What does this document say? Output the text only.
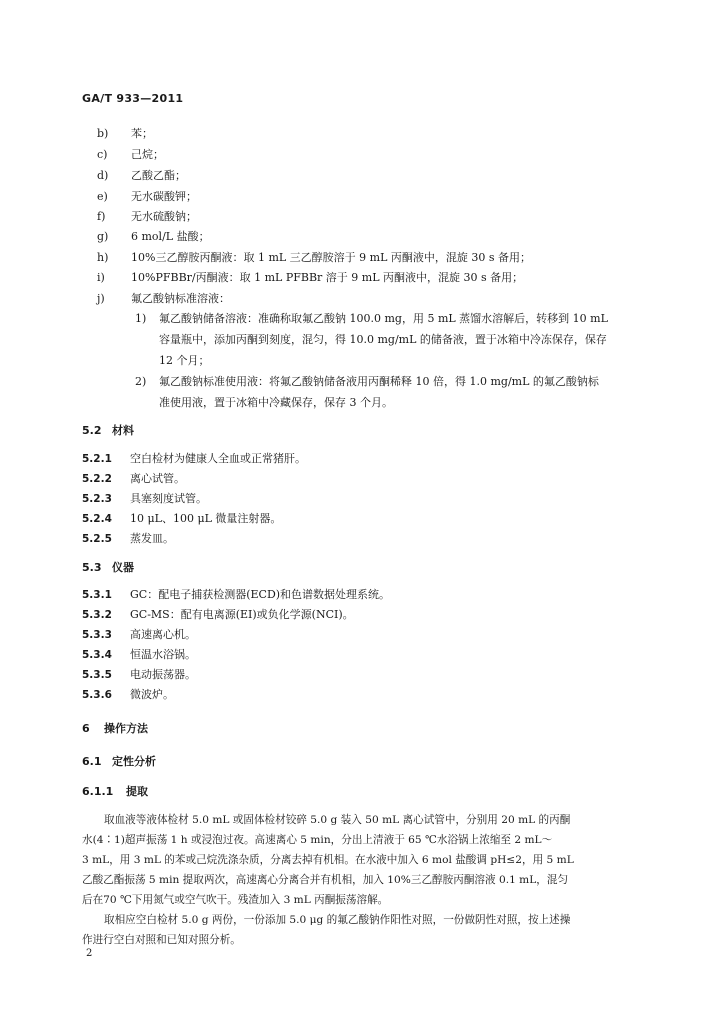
GA/T 933—2011
b) 苯；
c) 己烷；
d) 乙酸乙酯；
e) 无水碳酸钾；
f) 无水硫酸钠；
g) 6 mol/L 盐酸；
h) 10%三乙醇胺丙酮液：取 1 mL 三乙醇胺溶于 9 mL 丙酮液中，混旋 30 s 备用；
i) 10%PFBBr/丙酮液：取 1 mL PFBBr 溶于 9 mL 丙酮液中，混旋 30 s 备用；
j) 氟乙酸钠标准溶液：
1) 氟乙酸钠储备溶液：准确称取氟乙酸钠 100.0 mg，用 5 mL 蒸馏水溶解后，转移到 10 mL
容量瓶中，添加丙酮到刻度，混匀，得 10.0 mg/mL 的储备液，置于冰箱中冷冻保存，保存
12 个月；
2) 氟乙酸钠标准使用液：将氟乙酸钠储备液用丙酮稀释 10 倍，得 1.0 mg/mL 的氟乙酸钠标
准使用液，置于冰箱中冷藏保存，保存 3 个月。
5.2 材料
5.2.1 空白检材为健康人全血或正常猪肝。
5.2.2 离心试管。
5.2.3 具塞刻度试管。
5.2.4 10 μL、100 μL 微量注射器。
5.2.5 蒸发皿。
5.3 仪器
5.3.1 GC：配电子捕获检测器(ECD)和色谱数据处理系统。
5.3.2 GC-MS：配有电离源(EI)或负化学源(NCI)。
5.3.3 高速离心机。
5.3.4 恒温水浴锅。
5.3.5 电动振荡器。
5.3.6 微波炉。
6 操作方法
6.1 定性分析
6.1.1 提取
取血液等液体检材 5.0 mL 或固体检材铰碎 5.0 g 装入 50 mL 离心试管中，分别用 20 mL 的丙酮
水(4∶1)超声振荡 1 h 或浸泡过夜。高速离心 5 min，分出上清液于 65 ℃水浴锅上浓缩至 2 mL～
3 mL，用 3 mL 的苯或己烷洗涤杂质，分离去掉有机相。在水液中加入 6 mol 盐酸调 pH≤2，用 5 mL
乙酸乙酯振荡 5 min 提取两次，高速离心分离合并有机相，加入 10%三乙醇胺丙酮溶液 0.1 mL，混匀
后在70 ℃下用氮气或空气吹干。残渣加入 3 mL 丙酮振荡溶解。
取相应空白检材 5.0 g 两份，一份添加 5.0 μg 的氟乙酸钠作阳性对照，一份做阴性对照，按上述操
作进行空白对照和已知对照分析。
2
